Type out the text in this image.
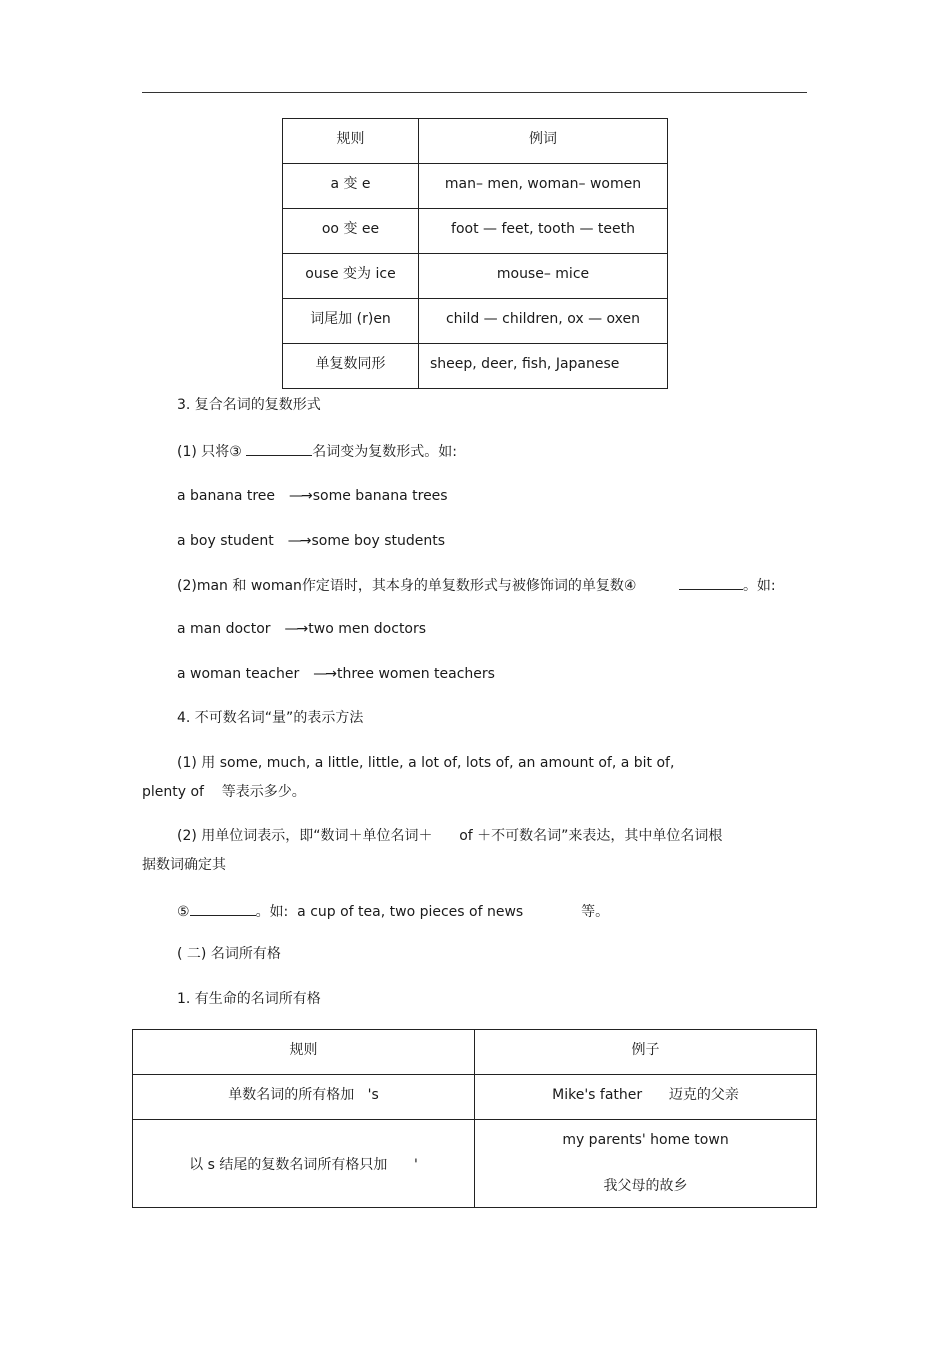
规则	例词

a 变 e	man– men, woman– women

oo 变 ee	foot — feet, tooth — teeth

ouse 变为 ice	mouse– mice

词尾加 (r)en	child — children, ox — oxen

单复数同形	sheep, deer, fish, Japanese
3. 复合名词的复数形式
(1) 只将③	名词变为复数形式。如:
a banana tree —→ some banana trees
a boy student —→ some boy students
(2)man 和 woman作定语时，其本身的单复数形式与被修饰词的单复数④	。如:
a man doctor —→ two men doctors
a woman teacher —→ three women teachers
4. 不可数名词“量”的表示方法
(1) 用 some, much, a little, little, a lot of, lots of, an amount of, a bit of,
plenty of    等表示多少。
(2) 用单位词表示，即“数词＋单位名词＋      of ＋不可数名词”来表达，其中单位名词根
据数词确定其
⑤	。如:  a cup of tea, two pieces of news             等。
( 二) 名词所有格
1. 有生命的名词所有格
规则	例子

单数名词的所有格加   's	Mike's father      迈克的父亲

以 s 结尾的复数名词所有格只加      '	my parents' home town
我父母的故乡
